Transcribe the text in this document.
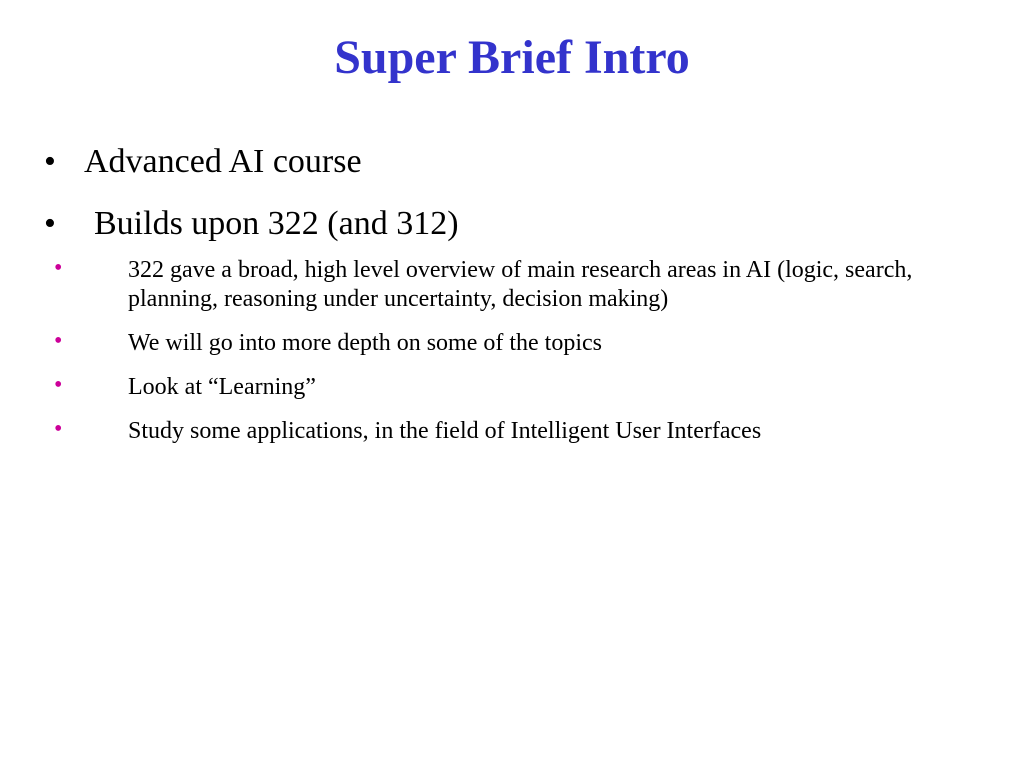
Super Brief Intro
• Advanced AI course
•	Builds upon 322 (and 312)
•	322 gave a broad, high level overview of main research areas in AI (logic, search, planning, reasoning under uncertainty, decision making)
•	We will go into more depth on some of the topics
•	Look at “Learning”
•	Study some applications, in the field of Intelligent User Interfaces
